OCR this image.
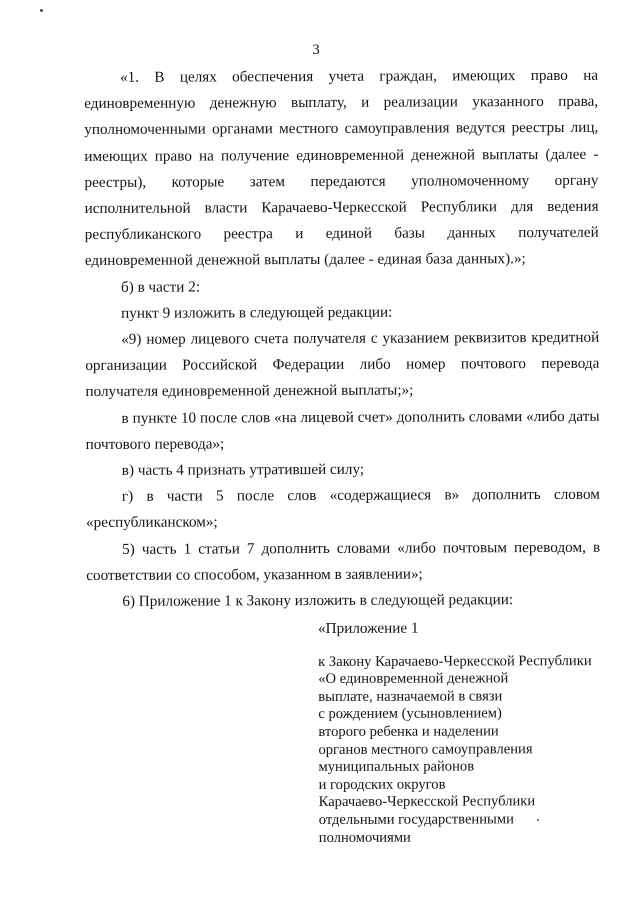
3

«1. В целях обеспечения учета граждан, имеющих право на единовременную денежную выплату, и реализации указанного права, уполномоченными органами местного самоуправления ведутся реестры лиц, имеющих право на получение единовременной денежной выплаты (далее - реестры), которые затем передаются уполномоченному органу исполнительной власти Карачаево-Черкесской Республики для ведения республиканского реестра и единой базы данных получателей единовременной денежной выплаты (далее - единая база данных).»;

б) в части 2:

пункт 9 изложить в следующей редакции:

«9) номер лицевого счета получателя с указанием реквизитов кредитной организации Российской Федерации либо номер почтового перевода получателя единовременной денежной выплаты;»;

в пункте 10 после слов «на лицевой счет» дополнить словами «либо даты почтового перевода»;

в) часть 4 признать утратившей силу;

г) в части 5 после слов «содержащиеся в» дополнить словом «республиканском»;

5) часть 1 статьи 7 дополнить словами «либо почтовым переводом, в соответствии со способом, указанном в заявлении»;

6) Приложение 1 к Закону изложить в следующей редакции:

«Приложение 1

к Закону Карачаево-Черкесской Республики
«О единовременной денежной
выплате, назначаемой в связи
с рождением (усыновлением)
второго ребенка и наделении
органов местного самоуправления
муниципальных районов
и городских округов
Карачаево-Черкесской Республики
отдельными государственными
полномочиями
